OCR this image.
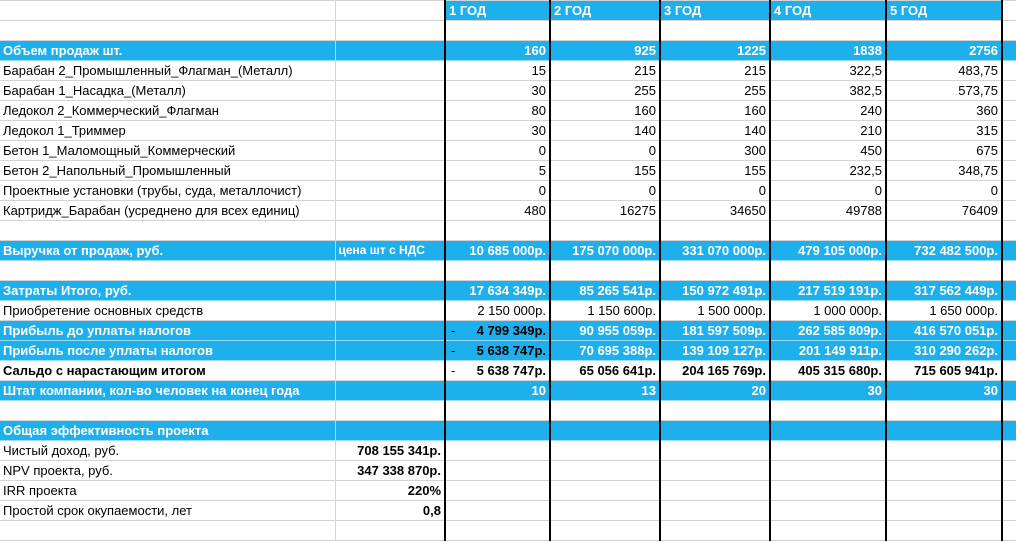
		1 ГОД	2 ГОД	3 ГОД	4 ГОД	5 ГОД	

Объем продаж шт.		160	925	1225	1838	2756	
Барабан 2_Промышленный_Флагман_(Металл)		15	215	215	322,5	483,75	
Барабан 1_Насадка_(Металл)		30	255	255	382,5	573,75	
Ледокол 2_Коммерческий_Флагман		80	160	160	240	360	
Ледокол 1_Триммер		30	140	140	210	315	
Бетон 1_Маломощный_Коммерческий		0	0	300	450	675	
Бетон 2_Напольный_Промышленный		5	155	155	232,5	348,75	
Проектные установки (трубы, суда, металлочист)		0	0	0	0	0	
Картридж_Барабан (усреднено для всех единиц)		480	16275	34650	49788	76409	

Выручка от продаж, руб.	цена шт с НДС	10 685 000р.	175 070 000р.	331 070 000р.	479 105 000р.	732 482 500р.	

Затраты Итого, руб.		17 634 349р.	85 265 541р.	150 972 491р.	217 519 191р.	317 562 449р.	
Приобретение основных средств		2 150 000р.	1 150 600р.	1 500 000р.	1 000 000р.	1 650 000р.	
Прибыль до уплаты налогов		- 4 799 349р.	90 955 059р.	181 597 509р.	262 585 809р.	416 570 051р.	
Прибыль после уплаты налогов		- 5 638 747р.	70 695 388р.	139 109 127р.	201 149 911р.	310 290 262р.	
Сальдо с нарастающим итогом		- 5 638 747р.	65 056 641р.	204 165 769р.	405 315 680р.	715 605 941р.	
Штат компании, кол-во человек на конец года		10	13	20	30	30	

Общая эффективность проекта							
Чистый доход, руб.	708 155 341р.						
NPV проекта, руб.	347 338 870р.						
IRR проекта	220%						
Простой срок окупаемости, лет	0,8						
